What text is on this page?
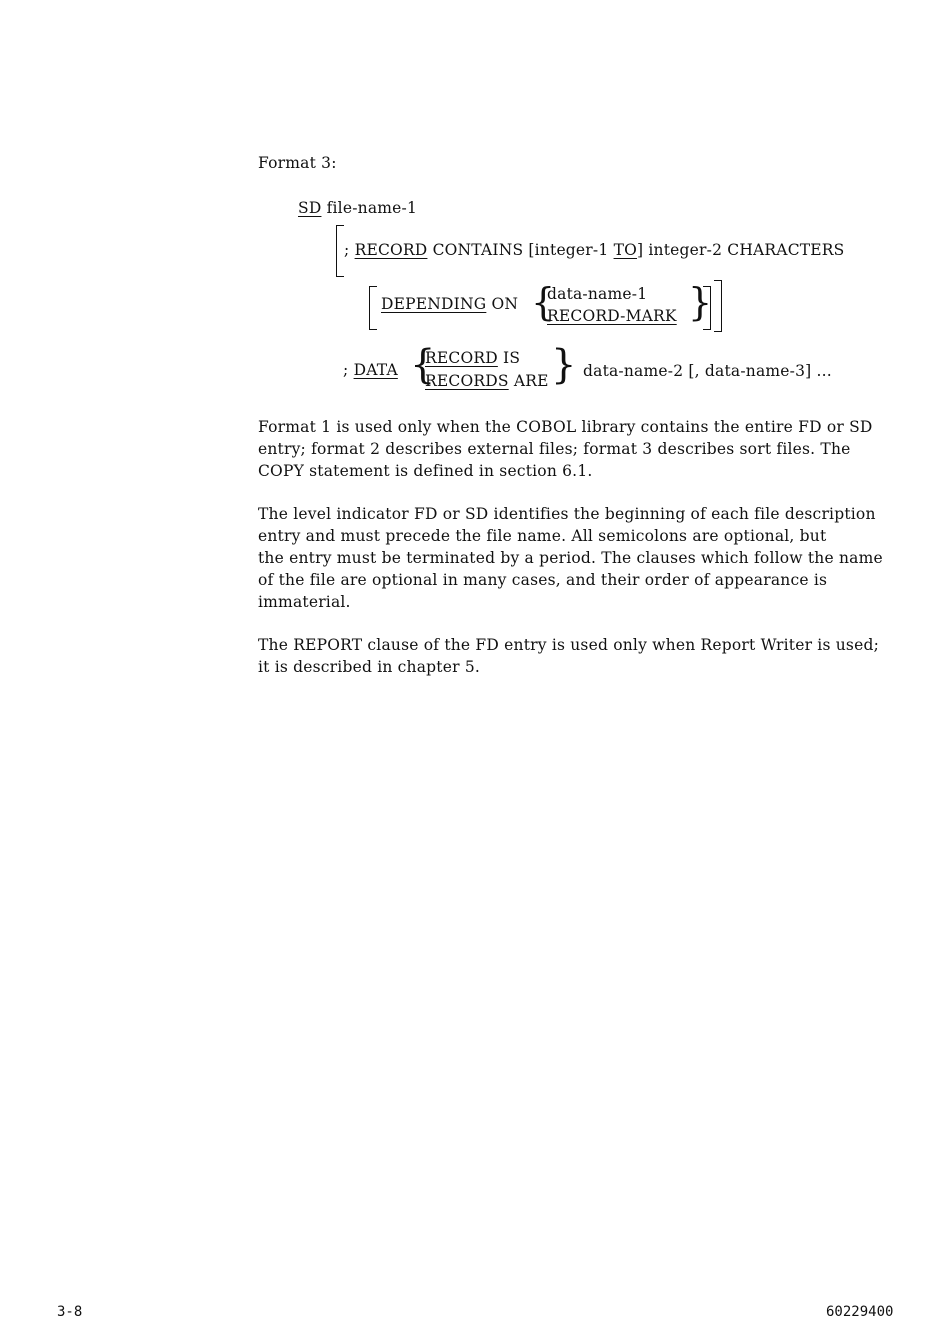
Format 3:
SD file-name-1
; RECORD CONTAINS [integer-1 TO] integer-2 CHARACTERS
DEPENDING ON {
data-name-1
RECORD-MARK }
; DATA {
RECORD IS
RECORDS ARE } data-name-2 [, data-name-3] ...
Format 1 is used only when the COBOL library contains the entire FD or SD
entry; format 2 describes external files; format 3 describes sort files. The
COPY statement is defined in section 6.1.
The level indicator FD or SD identifies the beginning of each file description
entry and must precede the file name. All semicolons are optional, but
the entry must be terminated by a period. The clauses which follow the name
of the file are optional in many cases, and their order of appearance is
immaterial.
The REPORT clause of the FD entry is used only when Report Writer is used;
it is described in chapter 5.
3-8	60229400
